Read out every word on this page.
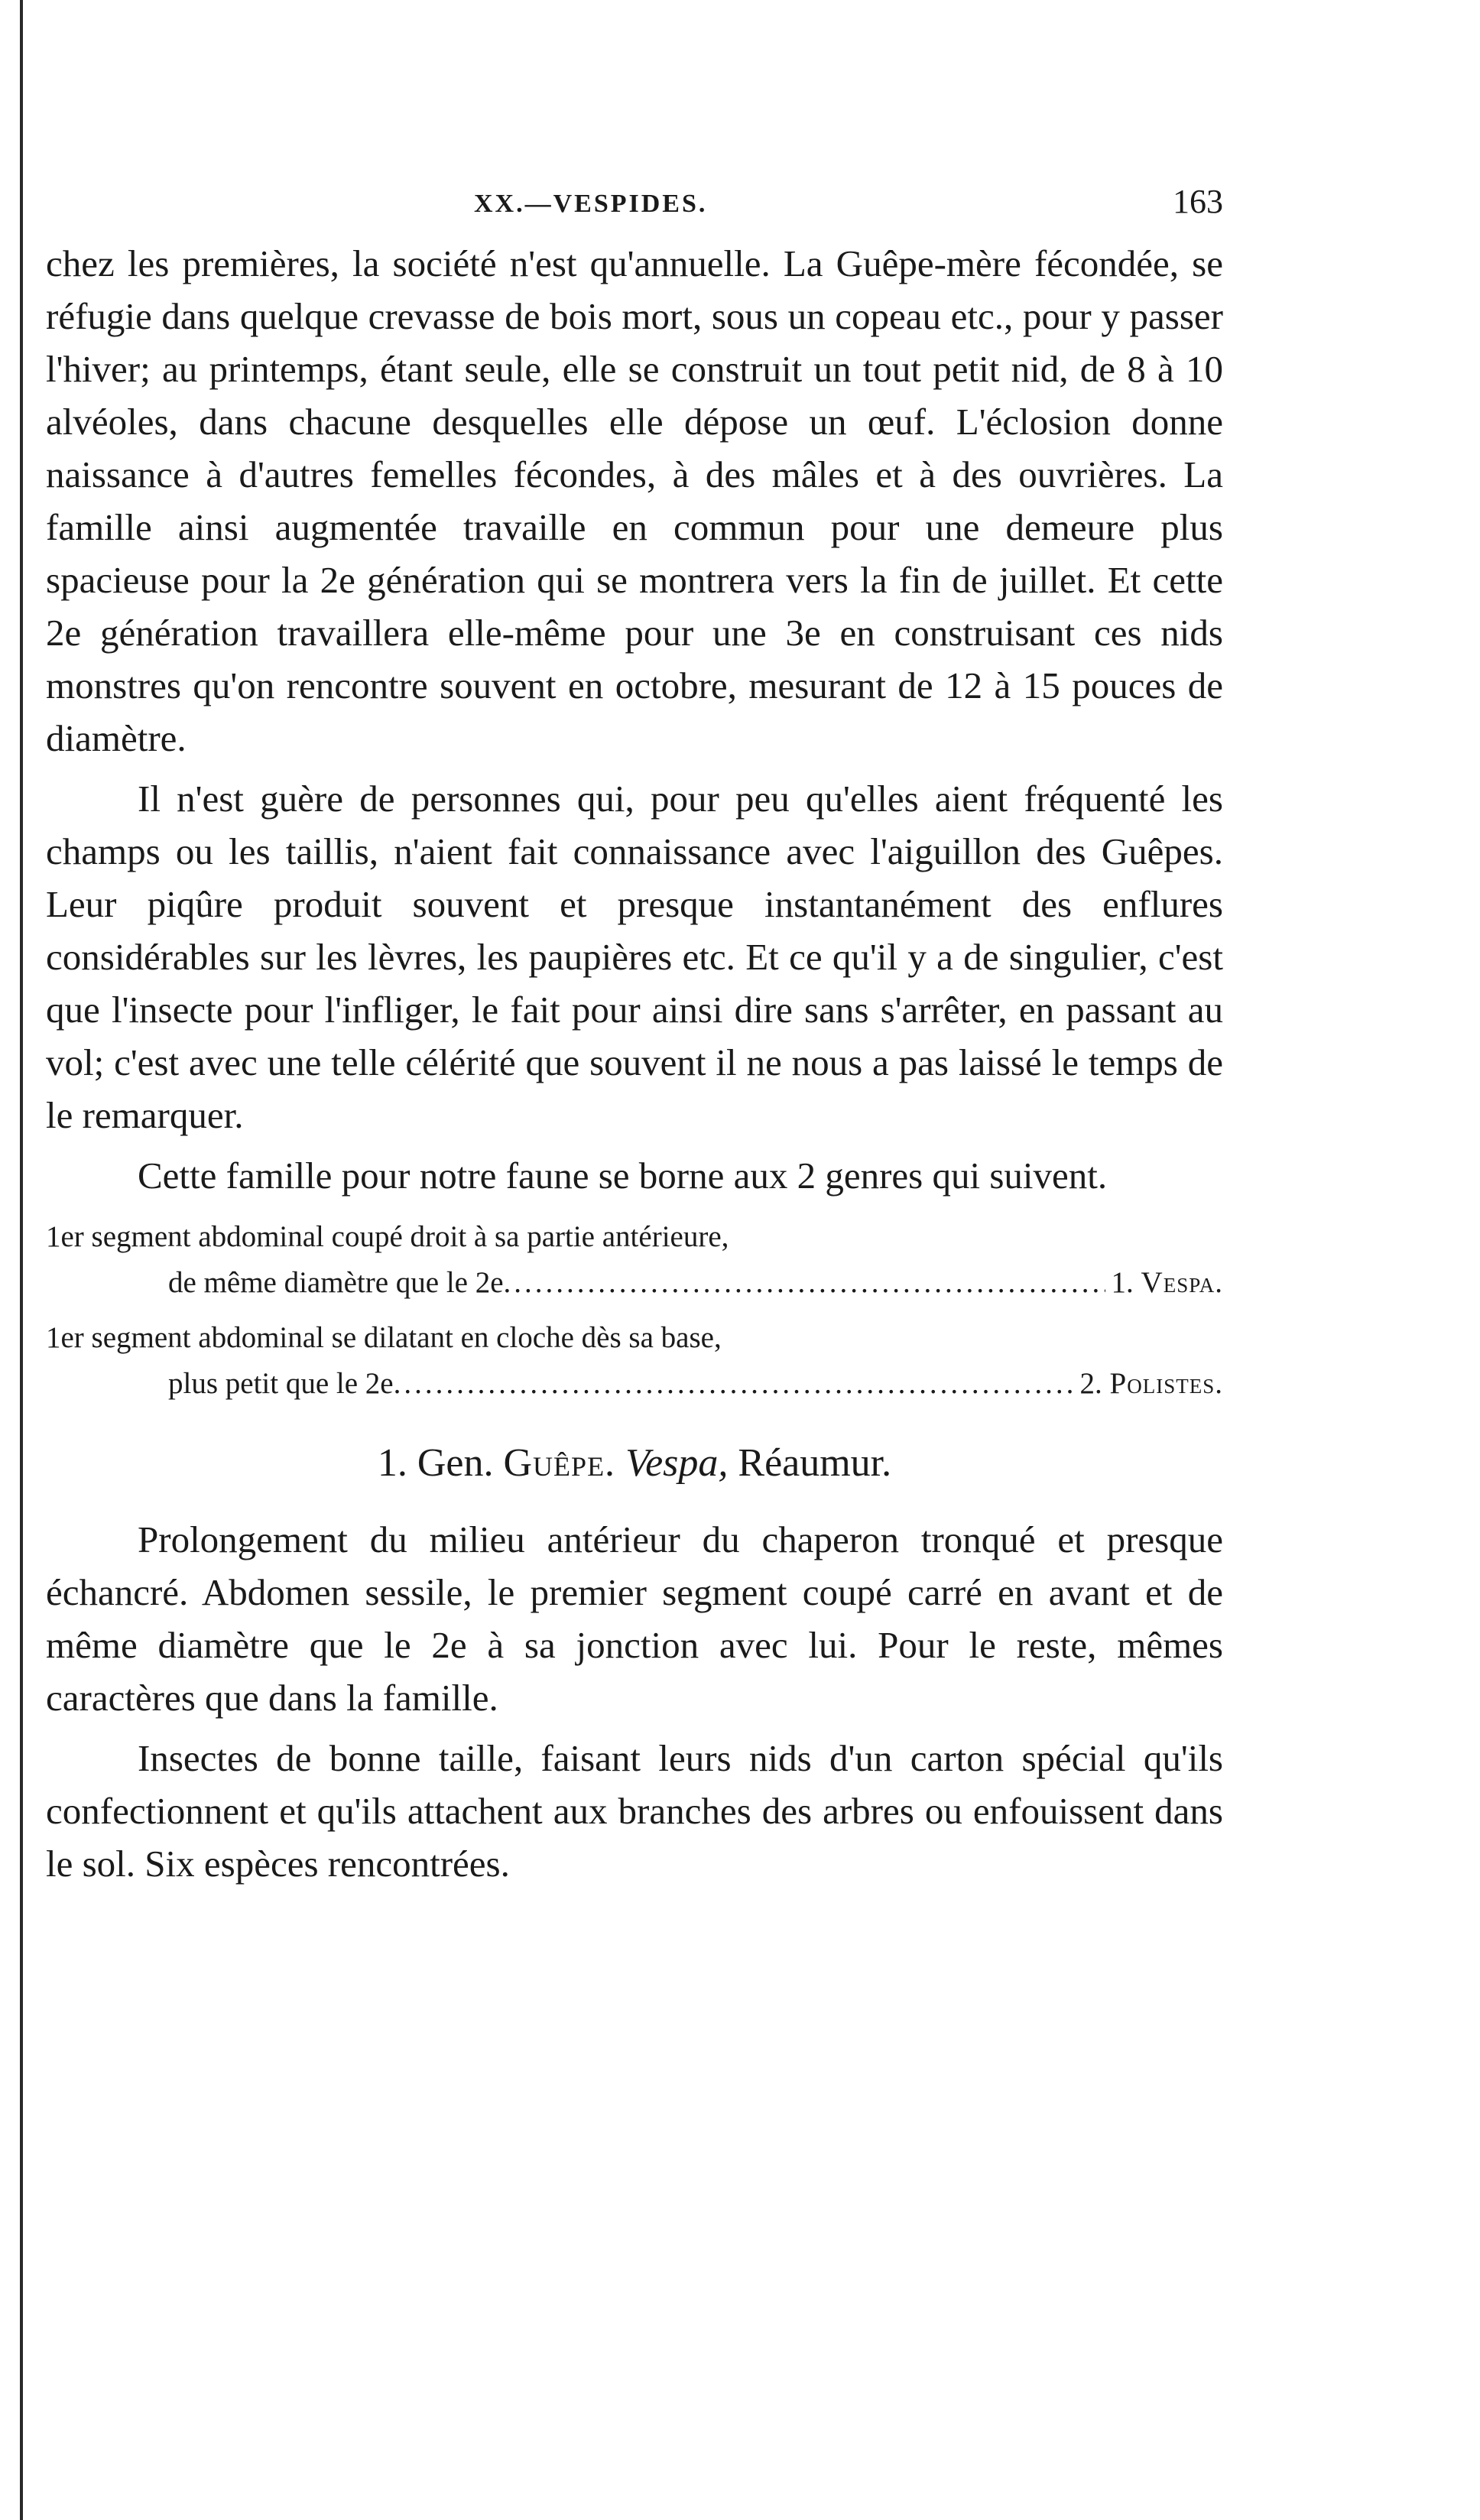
XX.—VESPIDES.	163

chez les premières, la société n'est qu'annuelle. La Guêpe-mère fécondée, se réfugie dans quelque crevasse de bois mort, sous un copeau etc., pour y passer l'hiver; au printemps, étant seule, elle se construit un tout petit nid, de 8 à 10 alvéoles, dans chacune desquelles elle dépose un œuf. L'éclosion donne naissance à d'autres femelles fécondes, à des mâles et à des ouvrières. La famille ainsi augmentée travaille en commun pour une demeure plus spacieuse pour la 2e génération qui se montrera vers la fin de juillet. Et cette 2e génération travaillera elle-même pour une 3e en construisant ces nids monstres qu'on rencontre souvent en octobre, mesurant de 12 à 15 pouces de diamètre.

Il n'est guère de personnes qui, pour peu qu'elles aient fréquenté les champs ou les taillis, n'aient fait connaissance avec l'aiguillon des Guêpes. Leur piqûre produit souvent et presque instantanément des enflures considérables sur les lèvres, les paupières etc. Et ce qu'il y a de singulier, c'est que l'insecte pour l'infliger, le fait pour ainsi dire sans s'arrêter, en passant au vol; c'est avec une telle célérité que souvent il ne nous a pas laissé le temps de le remarquer.

Cette famille pour notre faune se borne aux 2 genres qui suivent.

1er segment abdominal coupé droit à sa partie antérieure,
de même diamètre que le 2e .....	1. Vespa.
1er segment abdominal se dilatant en cloche dès sa base,
plus petit que le 2e .....	2. Polistes.
1. Gen. Guêpe. Vespa, Réaumur.

Prolongement du milieu antérieur du chaperon tronqué et presque échancré. Abdomen sessile, le premier segment coupé carré en avant et de même diamètre que le 2e à sa jonction avec lui. Pour le reste, mêmes caractères que dans la famille.

Insectes de bonne taille, faisant leurs nids d'un carton spécial qu'ils confectionnent et qu'ils attachent aux branches des arbres ou enfouissent dans le sol. Six espèces rencontrées.
